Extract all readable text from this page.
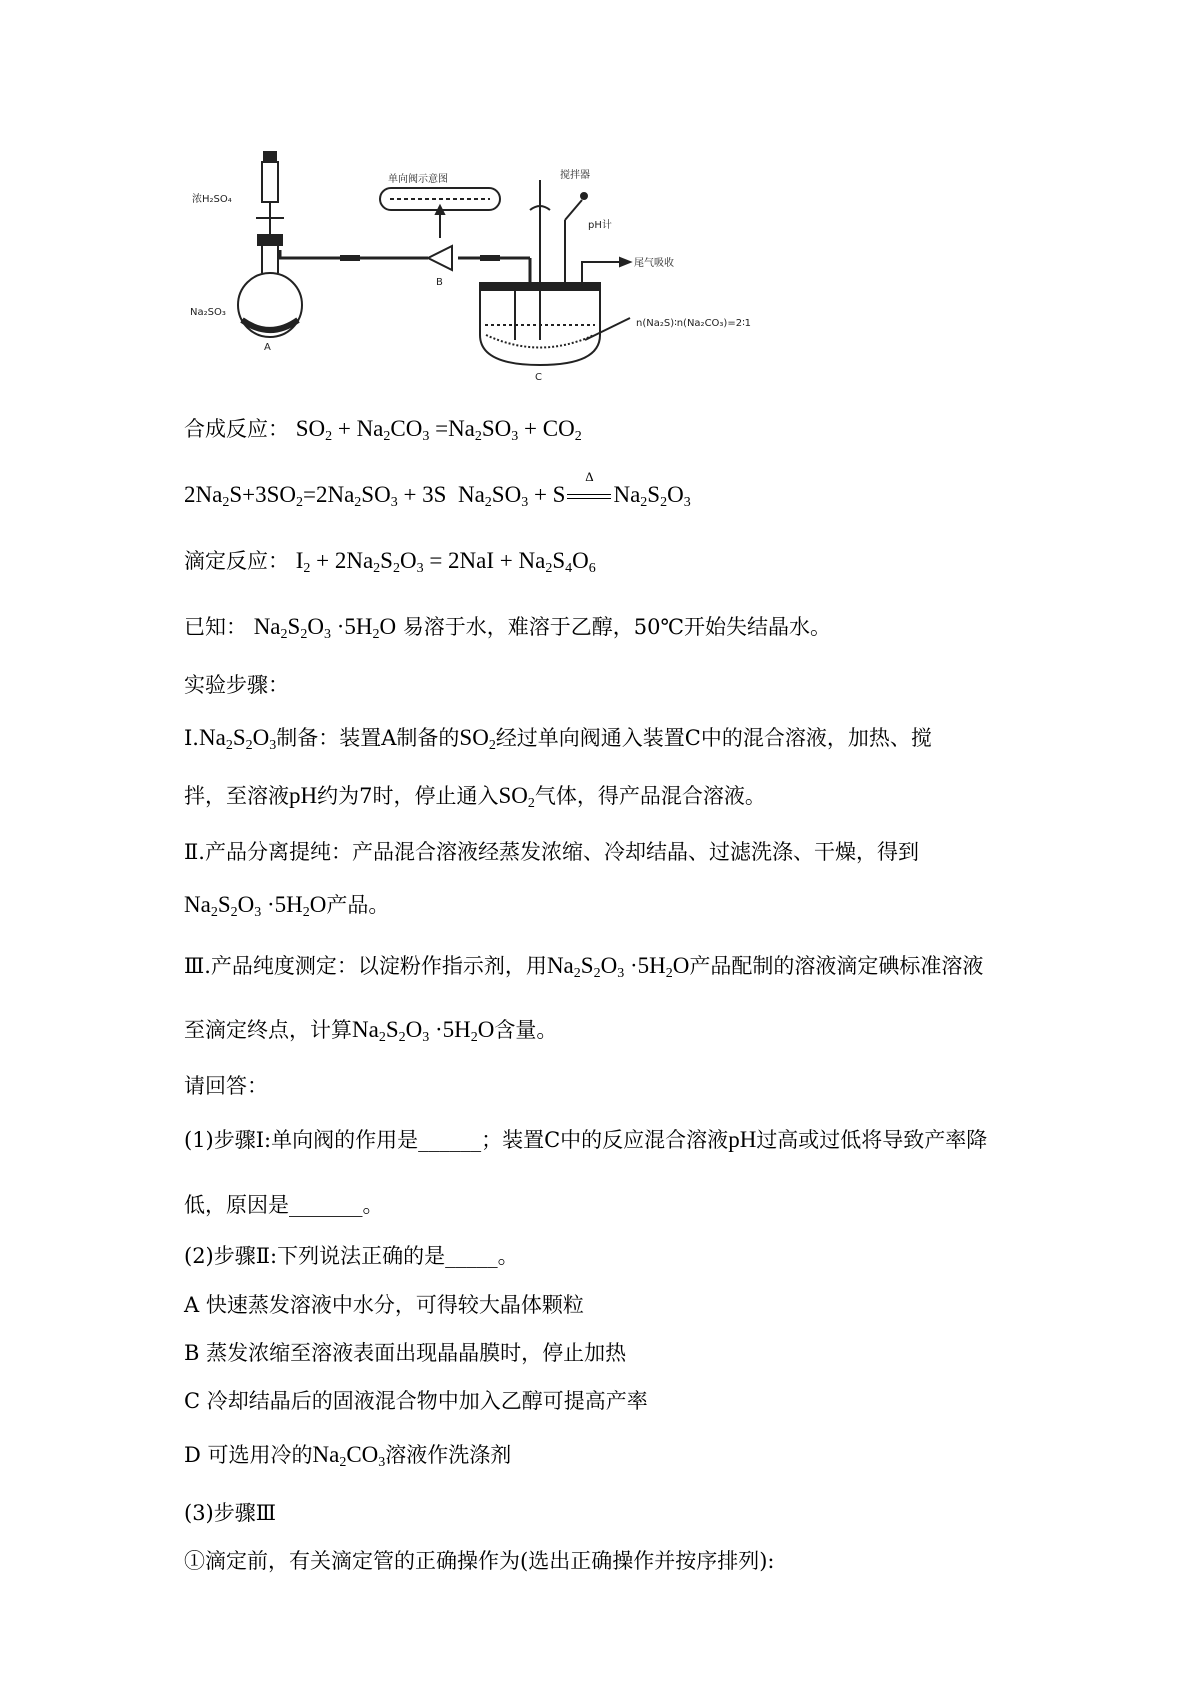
浓H₂SO₄
Na₂SO₃
单向阀示意图	搅拌器
pH计
尾气吸收
n(Na₂S)∶n(Na₂CO₃)=2∶1
A
B
C
合成反应： $SO_2 + Na_2CO_3 =Na_2SO_3 + CO_2$
$2Na_2S+3SO_2=2Na_2SO_3 + 3S$  $Na_2SO_3 + S$
Δ
$Na_2S_2O_3$
滴定反应： $I_2 + 2Na_2S_2O_3 = 2NaI + Na_2S_4O_6$
已知： $Na_2S_2O_3 \cdot 5H_2O$ 易溶于水，难溶于乙醇，50℃开始失结晶水。
实验步骤：
$Ⅰ.Na_2S_2O_3$制备：装置A制备的$SO_2$经过单向阀通入装置C中的混合溶液，加热、搅
拌，至溶液pH约为7时，停止通入$SO_2$气体，得产品混合溶液。
Ⅱ.产品分离提纯：产品混合溶液经蒸发浓缩、冷却结晶、过滤洗涤、干燥，得到
$Na_2S_2O_3 \cdot 5H_2O$产品。
Ⅲ.产品纯度测定：以淀粉作指示剂，用$Na_2S_2O_3 \cdot 5H_2O$产品配制的溶液滴定碘标准溶液
至滴定终点，计算$Na_2S_2O_3 \cdot 5H_2O$含量。
请回答：
(1)步骤Ⅰ:单向阀的作用是______；装置C中的反应混合溶液pH过高或过低将导致产率降
低，原因是_______。
(2)步骤Ⅱ:下列说法正确的是_____。
A 快速蒸发溶液中水分，可得较大晶体颗粒
B 蒸发浓缩至溶液表面出现晶晶膜时，停止加热
C 冷却结晶后的固液混合物中加入乙醇可提高产率
D 可选用冷的$Na_2CO_3$溶液作洗涤剂
(3)步骤Ⅲ
①滴定前，有关滴定管的正确操作为(选出正确操作并按序排列):
